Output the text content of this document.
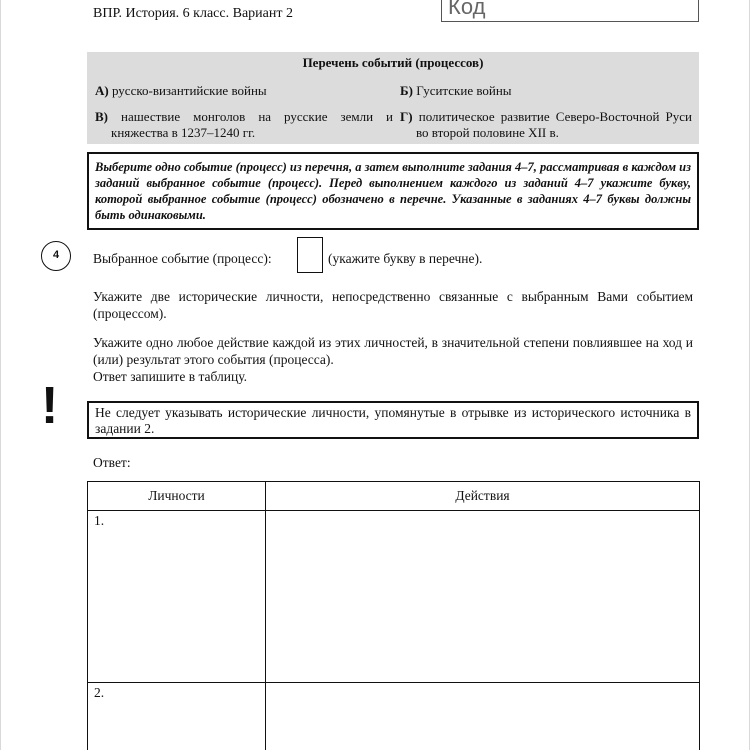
ВПР. История. 6 класс. Вариант 2	Код
Перечень событий (процессов)
А) русско-византийские войны	Б) Гуситские войны
В) нашествие монголов на русские земли и княжества в 1237–1240 гг.
Г) политическое развитие Северо-Восточной Руси во второй половине XII в.
Выберите одно событие (процесс) из перечня, а затем выполните задания 4–7, рассматривая в каждом из заданий выбранное событие (процесс). Перед выполнением каждого из заданий 4–7 укажите букву, которой выбранное событие (процесс) обозначено в перечне. Указанные в заданиях 4–7 буквы должны быть одинаковыми.
4	Выбранное событие (процесс):	(укажите букву в перечне).
Укажите две исторические личности, непосредственно связанные с выбранным Вами событием (процессом).
Укажите одно любое действие каждой из этих личностей, в значительной степени повлиявшее на ход и (или) результат этого события (процесса).
Ответ запишите в таблицу.
!	Не следует указывать исторические личности, упомянутые в отрывке из исторического источника в задании 2.
Ответ:
Личности	Действия
1.	
2.	
